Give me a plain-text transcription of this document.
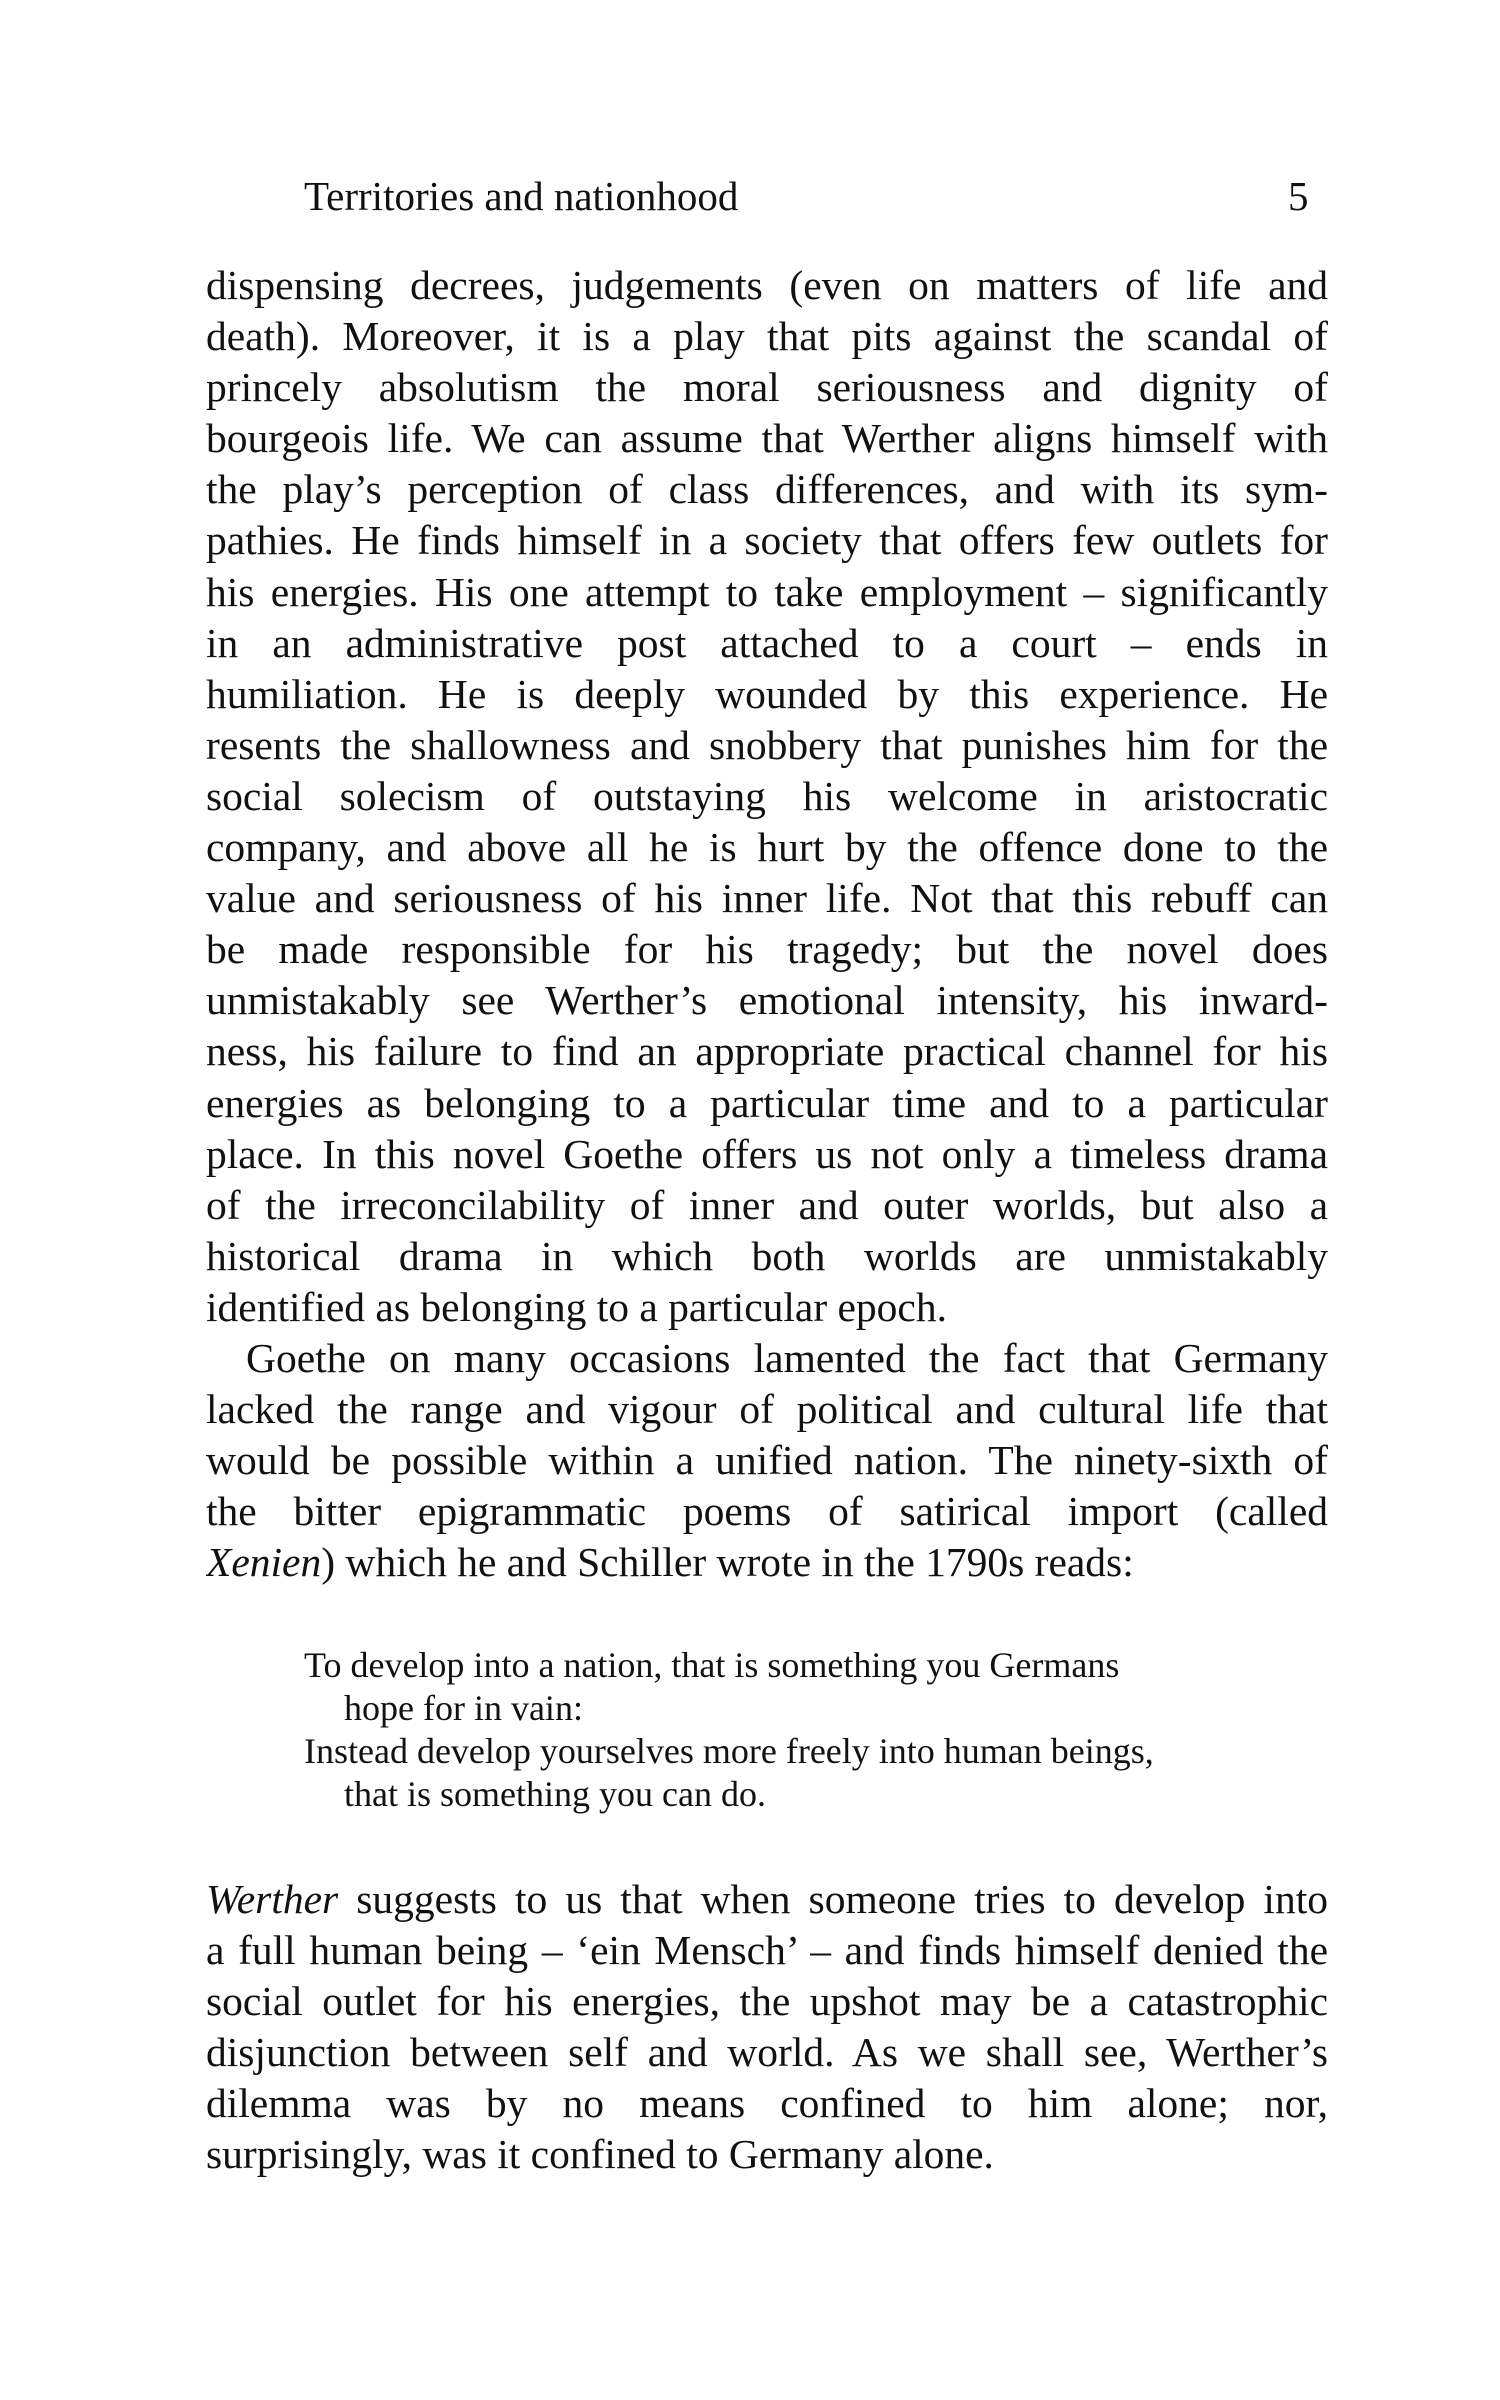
Territories and nationhood	5
dispensing decrees, judgements (even on matters of life and
death). Moreover, it is a play that pits against the scandal of
princely absolutism the moral seriousness and dignity of
bourgeois life. We can assume that Werther aligns himself with
the play’s perception of class differences, and with its sym-
pathies. He finds himself in a society that offers few outlets for
his energies. His one attempt to take employment – significantly
in an administrative post attached to a court – ends in
humiliation. He is deeply wounded by this experience. He
resents the shallowness and snobbery that punishes him for the
social solecism of outstaying his welcome in aristocratic
company, and above all he is hurt by the offence done to the
value and seriousness of his inner life. Not that this rebuff can
be made responsible for his tragedy; but the novel does
unmistakably see Werther’s emotional intensity, his inward-
ness, his failure to find an appropriate practical channel for his
energies as belonging to a particular time and to a particular
place. In this novel Goethe offers us not only a timeless drama
of the irreconcilability of inner and outer worlds, but also a
historical drama in which both worlds are unmistakably
identified as belonging to a particular epoch.
Goethe on many occasions lamented the fact that Germany
lacked the range and vigour of political and cultural life that
would be possible within a unified nation. The ninety-sixth of
the bitter epigrammatic poems of satirical import (called
Xenien) which he and Schiller wrote in the 1790s reads:
To develop into a nation, that is something you Germans
hope for in vain:
Instead develop yourselves more freely into human beings,
that is something you can do.
Werther suggests to us that when someone tries to develop into
a full human being – ‘ein Mensch’ – and finds himself denied the
social outlet for his energies, the upshot may be a catastrophic
disjunction between self and world. As we shall see, Werther’s
dilemma was by no means confined to him alone; nor,
surprisingly, was it confined to Germany alone.
